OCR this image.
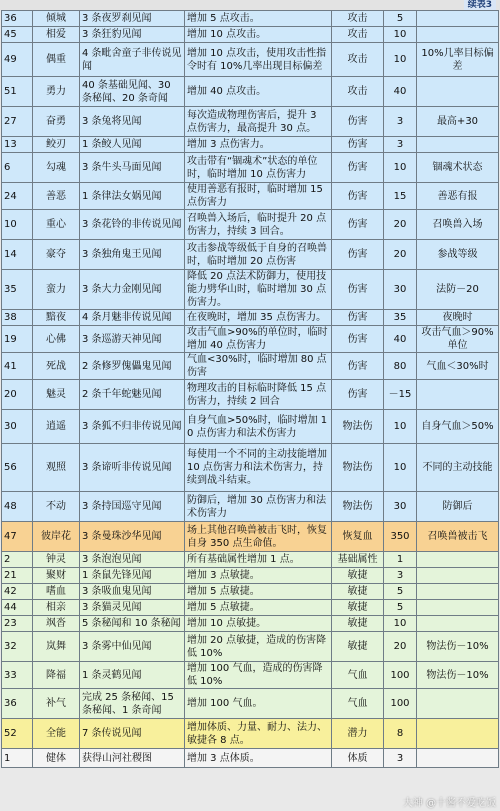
续表3
36	倾城	3 条夜罗刹见闻	增加 5 点攻击。	攻击	5	
45	相爱	3 条狂豹见闻	增加 10 点攻击。	攻击	10	
49	偶重	4 条毗舍童子非传说见闻	增加 10 点攻击，使用攻击性指令时有 10%几率出现目标偏差	攻击	10	10%几率目标偏差
51	勇力	40 条基础见闻、30 条秘闻、20 条奇闻	增加 40 点攻击。	攻击	40	
27	奋勇	3 条兔将见闻	每次造成物理伤害后，提升 3 点伤害力，最高提升 30 点。	伤害	3	最高+30
13	鲛刃	1 条鲛人见闻	增加 3 点伤害力。	伤害	3	
6	勾魂	3 条牛头马面见闻	攻击带有“锢魂术”状态的单位时，临时增加 10 点伤害力	伤害	10	锢魂术状态
24	善恶	1 条律法女娲见闻	使用善恶有报时，临时增加 15 点伤害力	伤害	15	善恶有报
10	重心	3 条花铃的非传说见闻	召唤兽入场后，临时提升 20 点伤害力，持续 3 回合。	伤害	20	召唤兽入场
14	豪夺	3 条独角鬼王见闻	攻击参战等级低于自身的召唤兽时，临时增加 20 点伤害	伤害	20	参战等级
35	蛮力	3 条大力金刚见闻	降低 20 点法术防御力，使用技能力劈华山时，临时增加 30 点伤害力。	伤害	30	法防－20
38	黯夜	4 条月魅非传说见闻	在夜晚时，增加 35 点伤害力。	伤害	35	夜晚时
19	心佛	3 条巡游天神见闻	攻击气血>90%的单位时，临时增加 40 点伤害力	伤害	40	攻击气血＞90%单位
41	死战	2 条修罗傀儡鬼见闻	气血<30%时，临时增加 80 点伤害	伤害	80	气血＜30%时
20	魅灵	2 条千年蛇魅见闻	物理攻击的目标临时降低 15 点伤害力，持续 2 回合	伤害	－15	
30	逍遥	3 条狐不归非传说见闻	自身气血>50%时，临时增加 10 点伤害力和法术伤害力	物法伤	10	自身气血＞50%
56	观照	3 条谛听非传说见闻	每使用一个不同的主动技能增加 10 点伤害力和法术伤害力，持续到战斗结束。	物法伤	10	不同的主动技能
48	不动	3 条持国巡守见闻	防御后，增加 30 点伤害力和法术伤害力	物法伤	30	防御后
47	彼岸花	3 条曼珠沙华见闻	场上其他召唤兽被击飞时，恢复自身 350 点生命值。	恢复血	350	召唤兽被击飞
2	钟灵	3 条泡泡见闻	所有基础属性增加 1 点。	基础属性	1	
21	聚财	1 条鼠先锋见闻	增加 3 点敏捷。	敏捷	3	
42	嗜血	3 条吸血鬼见闻	增加 5 点敏捷。	敏捷	5	
44	相亲	3 条猫灵见闻	增加 5 点敏捷。	敏捷	5	
23	飒沓	5 条秘闻和 10 条秘闻	增加 10 点敏捷。	敏捷	10	
32	岚舞	3 条雾中仙见闻	增加 20 点敏捷，造成的伤害降低 10%	敏捷	20	物法伤－10%
33	降福	1 条灵鹤见闻	增加 100 气血，造成的伤害降低 10%	气血	100	物法伤－10%
36	补气	完成 25 条秘闻、15 条秘闻、1 条奇闻	增加 100 气血。	气血	100	
52	全能	7 条传说见闻	增加体质、力量、耐力、法力、敏捷各 8 点。	潜力	8	
1	健体	获得山河社稷图	增加 3 点体质。	体质	3	
大神 @十酱不爱吃饭
